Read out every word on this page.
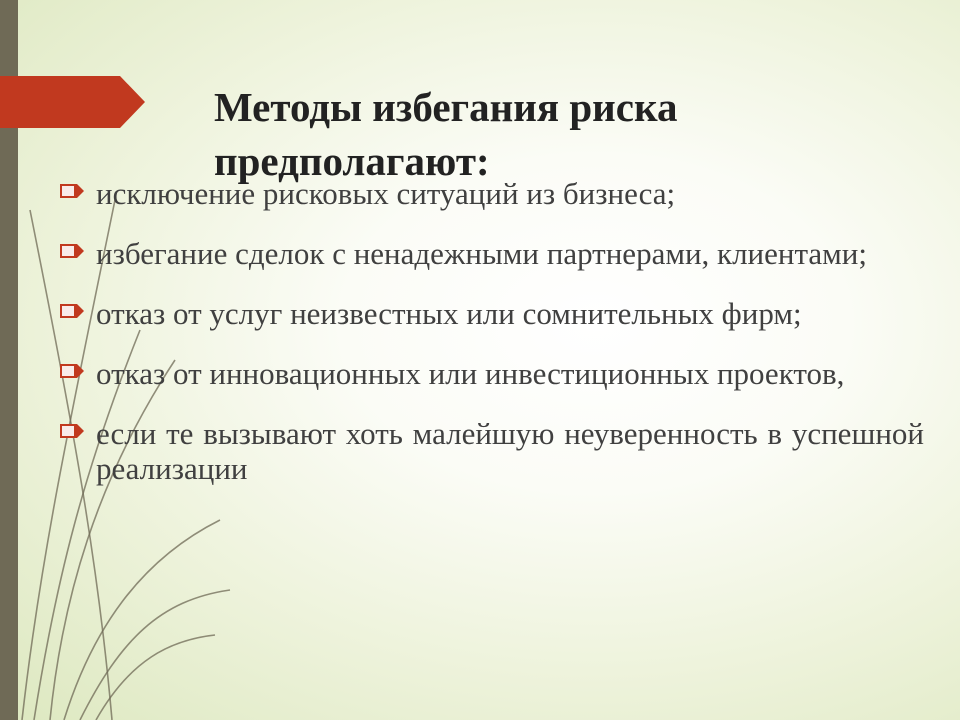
Методы избегания риска предполагают:
исключение рисковых ситуаций из бизнеса;
избегание сделок с ненадежными партнерами, клиентами;
отказ от услуг неизвестных или сомнительных фирм;
отказ от инновационных или инвестиционных проектов,
если те вызывают хоть малейшую неуверенность в успешной реализации
